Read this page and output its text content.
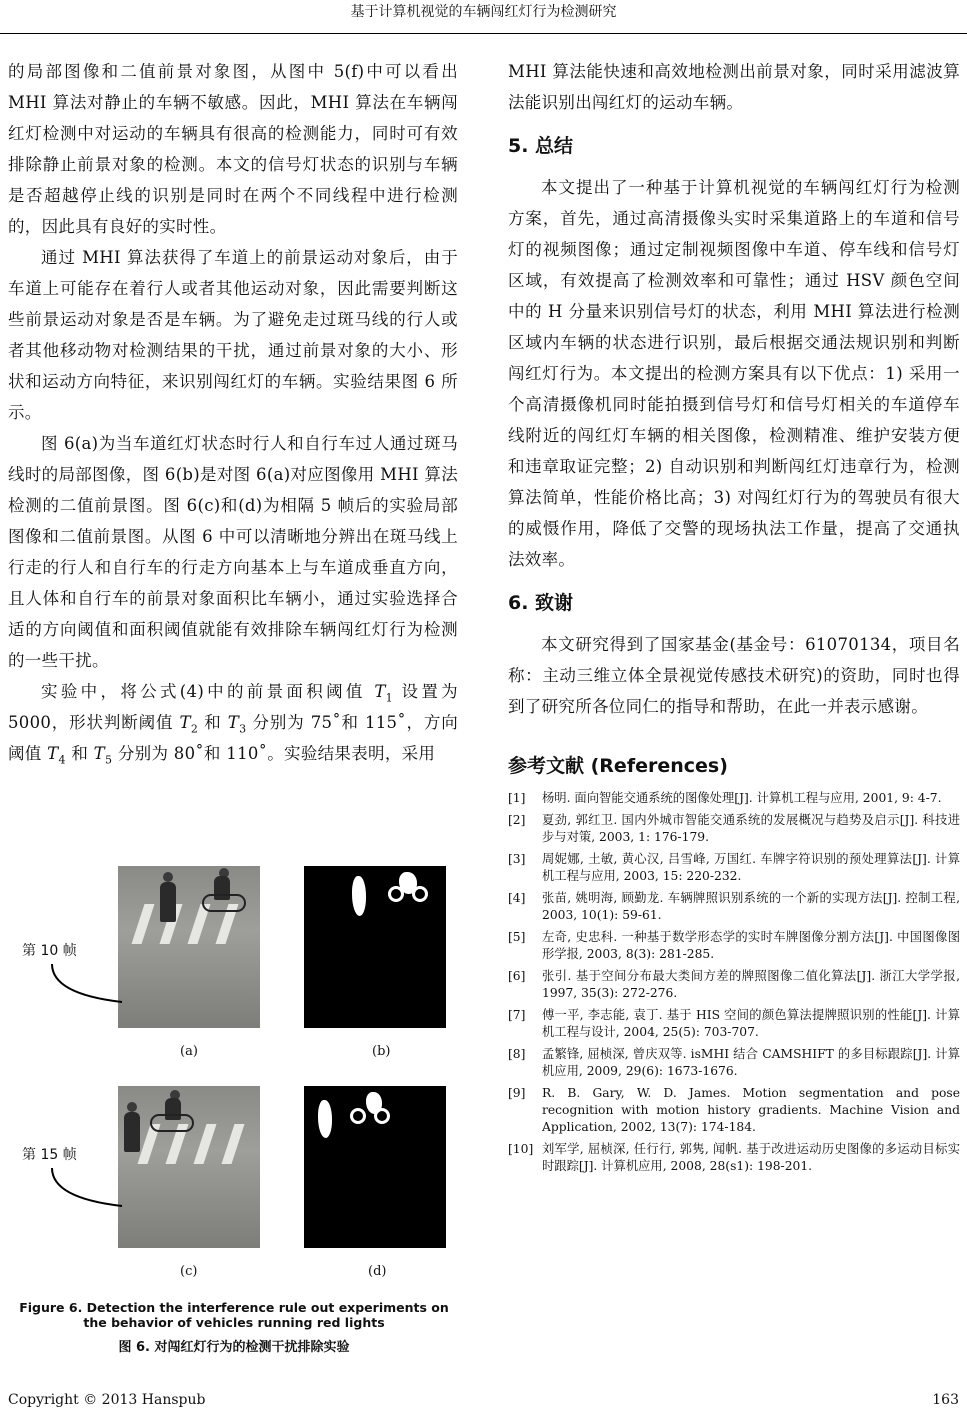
基于计算机视觉的车辆闯红灯行为检测研究

的局部图像和二值前景对象图，从图中 5(f)中可以看出 MHI 算法对静止的车辆不敏感。因此，MHI 算法在车辆闯红灯检测中对运动的车辆具有很高的检测能力，同时可有效排除静止前景对象的检测。本文的信号灯状态的识别与车辆是否超越停止线的识别是同时在两个不同线程中进行检测的，因此具有良好的实时性。

通过 MHI 算法获得了车道上的前景运动对象后，由于车道上可能存在着行人或者其他运动对象，因此需要判断这些前景运动对象是否是车辆。为了避免走过斑马线的行人或者其他移动物对检测结果的干扰，通过前景对象的大小、形状和运动方向特征，来识别闯红灯的车辆。实验结果图 6 所示。

图 6(a)为当车道红灯状态时行人和自行车过人通过斑马线时的局部图像，图 6(b)是对图 6(a)对应图像用 MHI 算法检测的二值前景图。图 6(c)和(d)为相隔 5 帧后的实验局部图像和二值前景图。从图 6 中可以清晰地分辨出在斑马线上行走的行人和自行车的行走方向基本上与车道成垂直方向，且人体和自行车的前景对象面积比车辆小，通过实验选择合适的方向阈值和面积阈值就能有效排除车辆闯红灯行为检测的一些干扰。

实验中，将公式(4)中的前景面积阈值 $T_1$ 设置为 5000，形状判断阈值 $T_2$ 和 $T_3$ 分别为 75˚和 115˚，方向阈值 $T_4$ 和 $T_5$ 分别为 80˚和 110˚。实验结果表明，采用

第 10 帧
(a)	(b)
第 15 帧
(c)	(d)
Figure 6. Detection the interference rule out experiments on the behavior of vehicles running red lights
图 6. 对闯红灯行为的检测干扰排除实验

MHI 算法能快速和高效地检测出前景对象，同时采用滤波算法能识别出闯红灯的运动车辆。

5. 总结

本文提出了一种基于计算机视觉的车辆闯红灯行为检测方案，首先，通过高清摄像头实时采集道路上的车道和信号灯的视频图像；通过定制视频图像中车道、停车线和信号灯区域，有效提高了检测效率和可靠性；通过 HSV 颜色空间中的 H 分量来识别信号灯的状态，利用 MHI 算法进行检测区域内车辆的状态进行识别，最后根据交通法规识别和判断闯红灯行为。本文提出的检测方案具有以下优点：1) 采用一个高清摄像机同时能拍摄到信号灯和信号灯相关的车道停车线附近的闯红灯车辆的相关图像，检测精准、维护安装方便和违章取证完整；2) 自动识别和判断闯红灯违章行为，检测算法简单，性能价格比高；3) 对闯红灯行为的驾驶员有很大的威慑作用，降低了交警的现场执法工作量，提高了交通执法效率。

6. 致谢

本文研究得到了国家基金(基金号：61070134，项目名称：主动三维立体全景视觉传感技术研究)的资助，同时也得到了研究所各位同仁的指导和帮助，在此一并表示感谢。

参考文献 (References)
[1]	杨明. 面向智能交通系统的图像处理[J]. 计算机工程与应用, 2001, 9: 4-7.
[2]	夏劲, 郭红卫. 国内外城市智能交通系统的发展概况与趋势及启示[J]. 科技进步与对策, 2003, 1: 176-179.
[3]	周妮娜, 土敏, 黄心汉, 吕雪峰, 万国红. 车牌字符识别的预处理算法[J]. 计算机工程与应用, 2003, 15: 220-232.
[4]	张苗, 姚明海, 顾勤龙. 车辆牌照识别系统的一个新的实现方法[J]. 控制工程, 2003, 10(1): 59-61.
[5]	左奇, 史忠科. 一种基于数学形态学的实时车牌图像分割方法[J]. 中国图像图形学报, 2003, 8(3): 281-285.
[6]	张引. 基于空间分布最大类间方差的牌照图像二值化算法[J]. 浙江大学学报, 1997, 35(3): 272-276.
[7]	傅一平, 李志能, 袁丁. 基于 HIS 空间的颜色算法提牌照识别的性能[J]. 计算机工程与设计, 2004, 25(5): 703-707.
[8]	孟繁锋, 屈桢深, 曾庆双等. isMHI 结合 CAMSHIFT 的多目标跟踪[J]. 计算机应用, 2009, 29(6): 1673-1676.
[9]	R. B. Gary, W. D. James. Motion segmentation and pose recognition with motion history gradients. Machine Vision and Application, 2002, 13(7): 174-184.
[10] 刘军学, 屈桢深, 任行行, 郭隽, 闻帆. 基于改进运动历史图像的多运动目标实时跟踪[J]. 计算机应用, 2008, 28(s1): 198-201.
Copyright © 2013 Hanspub	163
